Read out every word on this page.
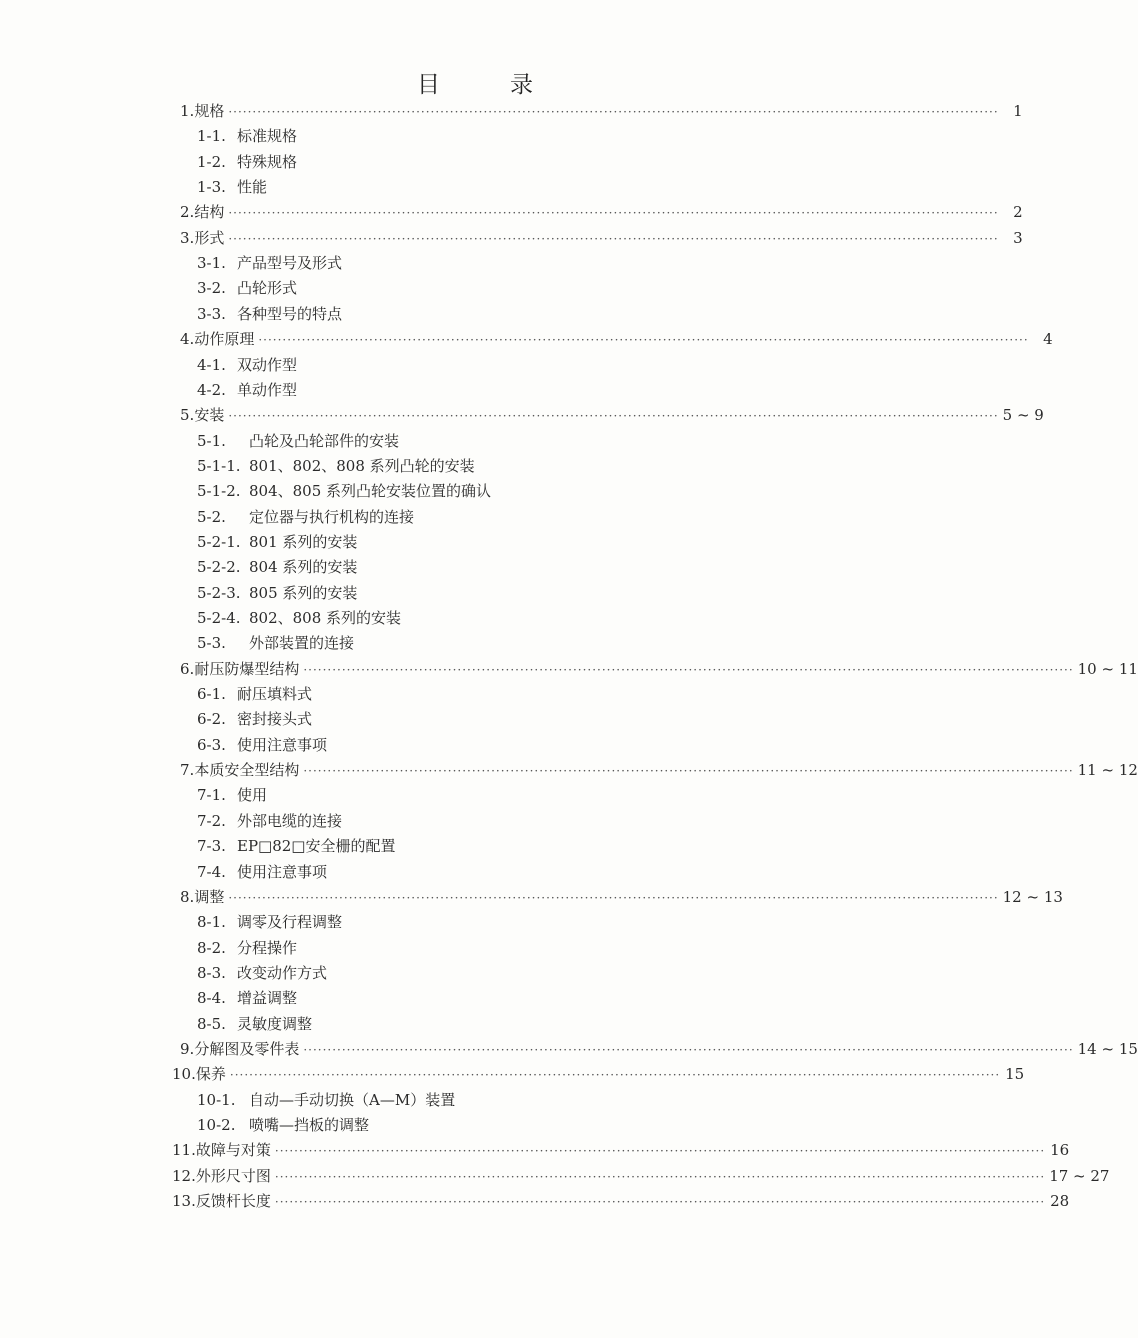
目	录
1. 规格 ································································································································································ 1
1-1. 标准规格
1-2. 特殊规格
1-3. 性能
2. 结构 ································································································································································ 2
3. 形式 ································································································································································ 3
3-1. 产品型号及形式
3-2. 凸轮形式
3-3. 各种型号的特点
4. 动作原理 ································································································································································ 4
4-1. 双动作型
4-2. 单动作型
5. 安装 ································································································································································ 5 ~ 9
5-1.	凸轮及凸轮部件的安装
5-1-1. 801、802、808 系列凸轮的安装
5-1-2. 804、805 系列凸轮安装位置的确认
5-2.	定位器与执行机构的连接
5-2-1. 801 系列的安装
5-2-2. 804 系列的安装
5-2-3. 805 系列的安装
5-2-4. 802、808 系列的安装
5-3.	外部装置的连接
6. 耐压防爆型结构 ································································································································································ 10 ~ 11
6-1. 耐压填料式
6-2. 密封接头式
6-3. 使用注意事项
7. 本质安全型结构 ································································································································································ 11 ~ 12
7-1. 使用
7-2. 外部电缆的连接
7-3. EP□82□安全栅的配置
7-4. 使用注意事项
8. 调整 ································································································································································ 12 ~ 13
8-1. 调零及行程调整
8-2. 分程操作
8-3. 改变动作方式
8-4. 增益调整
8-5. 灵敏度调整
9. 分解图及零件表 ································································································································································ 14 ~ 15
10. 保养 ································································································································································ 15
10-1. 自动—手动切换（A—M）装置
10-2. 喷嘴—挡板的调整
11. 故障与对策 ································································································································································ 16
12. 外形尺寸图 ································································································································································ 17 ~ 27
13. 反馈杆长度 ································································································································································ 28
